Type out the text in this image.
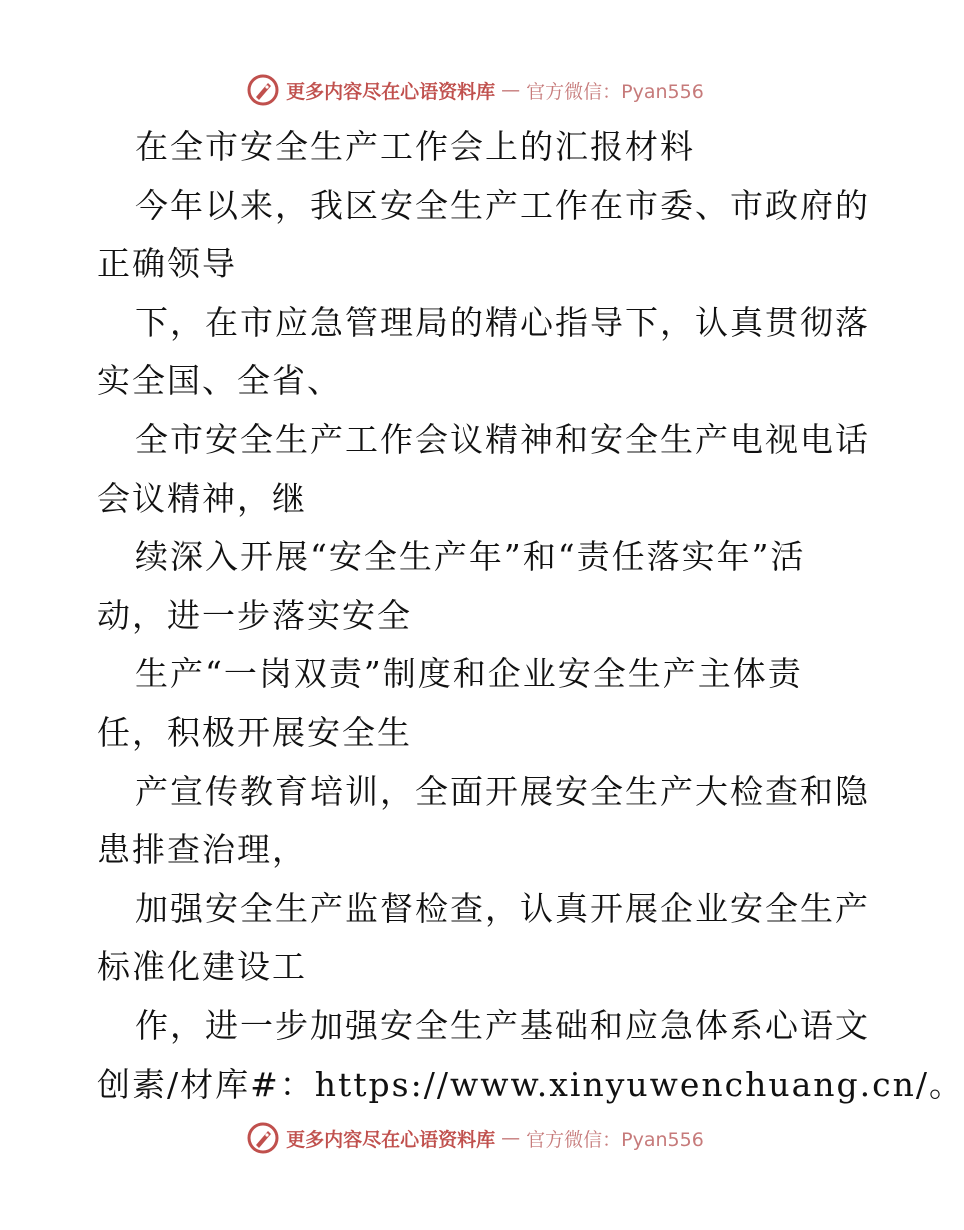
更多内容尽在心语资料库 — 官方微信：Pyan556
在全市安全生产工作会上的汇报材料
今年以来，我区安全生产工作在市委、市政府的
正确领导
下，在市应急管理局的精心指导下，认真贯彻落
实全国、全省、
全市安全生产工作会议精神和安全生产电视电话
会议精神，继
续深入开展“安全生产年”和“责任落实年”活
动，进一步落实安全
生产“一岗双责”制度和企业安全生产主体责
任，积极开展安全生
产宣传教育培训，全面开展安全生产大检查和隐
患排查治理，
加强安全生产监督检查，认真开展企业安全生产
标准化建设工
作，进一步加强安全生产基础和应急体系心语文
创素/材库#：https://www.xinyuwenchuang.cn/。
更多内容尽在心语资料库 — 官方微信：Pyan556
